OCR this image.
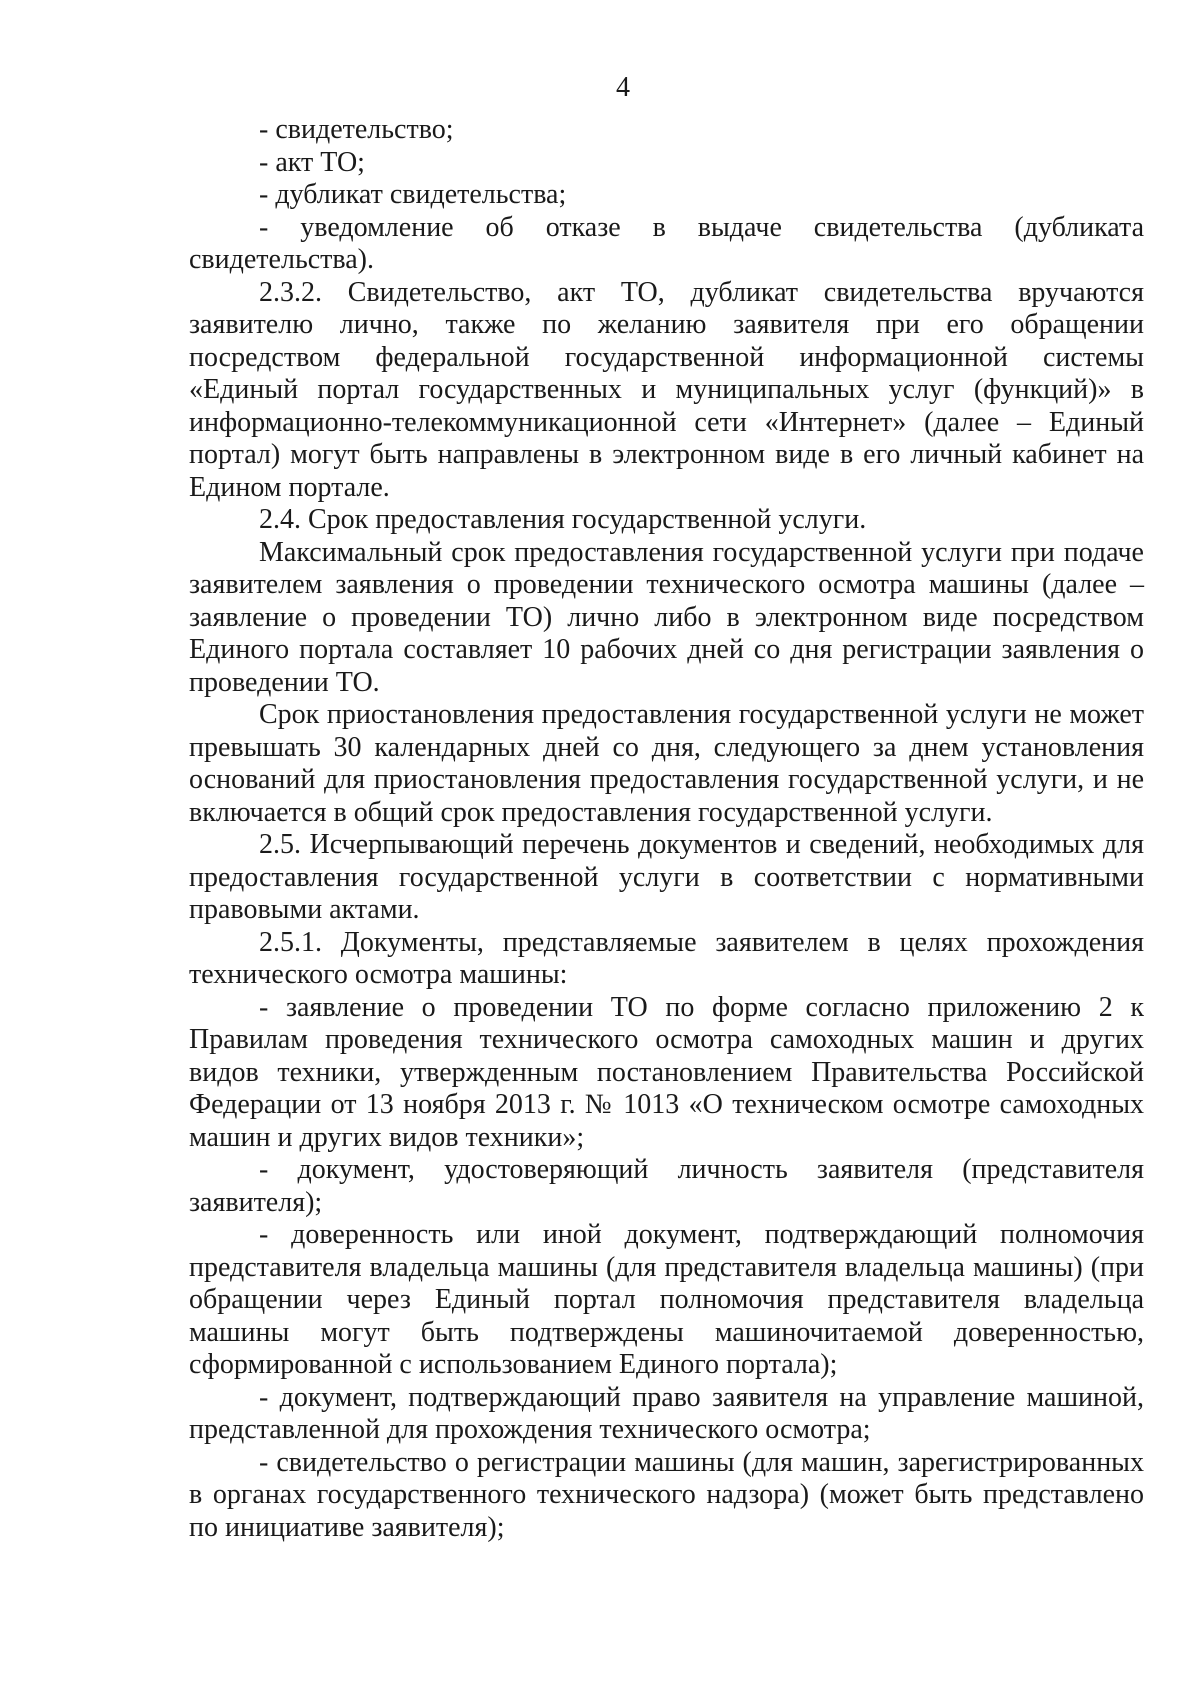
4

- свидетельство;

- акт ТО;

- дубликат свидетельства;

- уведомление об отказе в выдаче свидетельства (дубликата свидетельства).

2.3.2. Свидетельство, акт ТО, дубликат свидетельства вручаются заявителю лично, также по желанию заявителя при его обращении посредством федеральной государственной информационной системы «Единый портал государственных и муниципальных услуг (функций)» в информационно-телекоммуникационной сети «Интернет» (далее – Единый портал) могут быть направлены в электронном виде в его личный кабинет на Едином портале.

2.4. Срок предоставления государственной услуги.

Максимальный срок предоставления государственной услуги при подаче заявителем заявления о проведении технического осмотра машины (далее – заявление о проведении ТО) лично либо в электронном виде посредством Единого портала составляет 10 рабочих дней со дня регистрации заявления о проведении ТО.

Срок приостановления предоставления государственной услуги не может превышать 30 календарных дней со дня, следующего за днем установления оснований для приостановления предоставления государственной услуги, и не включается в общий срок предоставления государственной услуги.

2.5. Исчерпывающий перечень документов и сведений, необходимых для предоставления государственной услуги в соответствии с нормативными правовыми актами.

2.5.1. Документы, представляемые заявителем в целях прохождения технического осмотра машины:

- заявление о проведении ТО по форме согласно приложению 2 к Правилам проведения технического осмотра самоходных машин и других видов техники, утвержденным постановлением Правительства Российской Федерации от 13 ноября 2013 г. № 1013 «О техническом осмотре самоходных машин и других видов техники»;

- документ, удостоверяющий личность заявителя (представителя заявителя);

- доверенность или иной документ, подтверждающий полномочия представителя владельца машины (для представителя владельца машины) (при обращении через Единый портал полномочия представителя владельца машины могут быть подтверждены машиночитаемой доверенностью, сформированной с использованием Единого портала);

- документ, подтверждающий право заявителя на управление машиной, представленной для прохождения технического осмотра;

- свидетельство о регистрации машины (для машин, зарегистрированных в органах государственного технического надзора) (может быть представлено по инициативе заявителя);
